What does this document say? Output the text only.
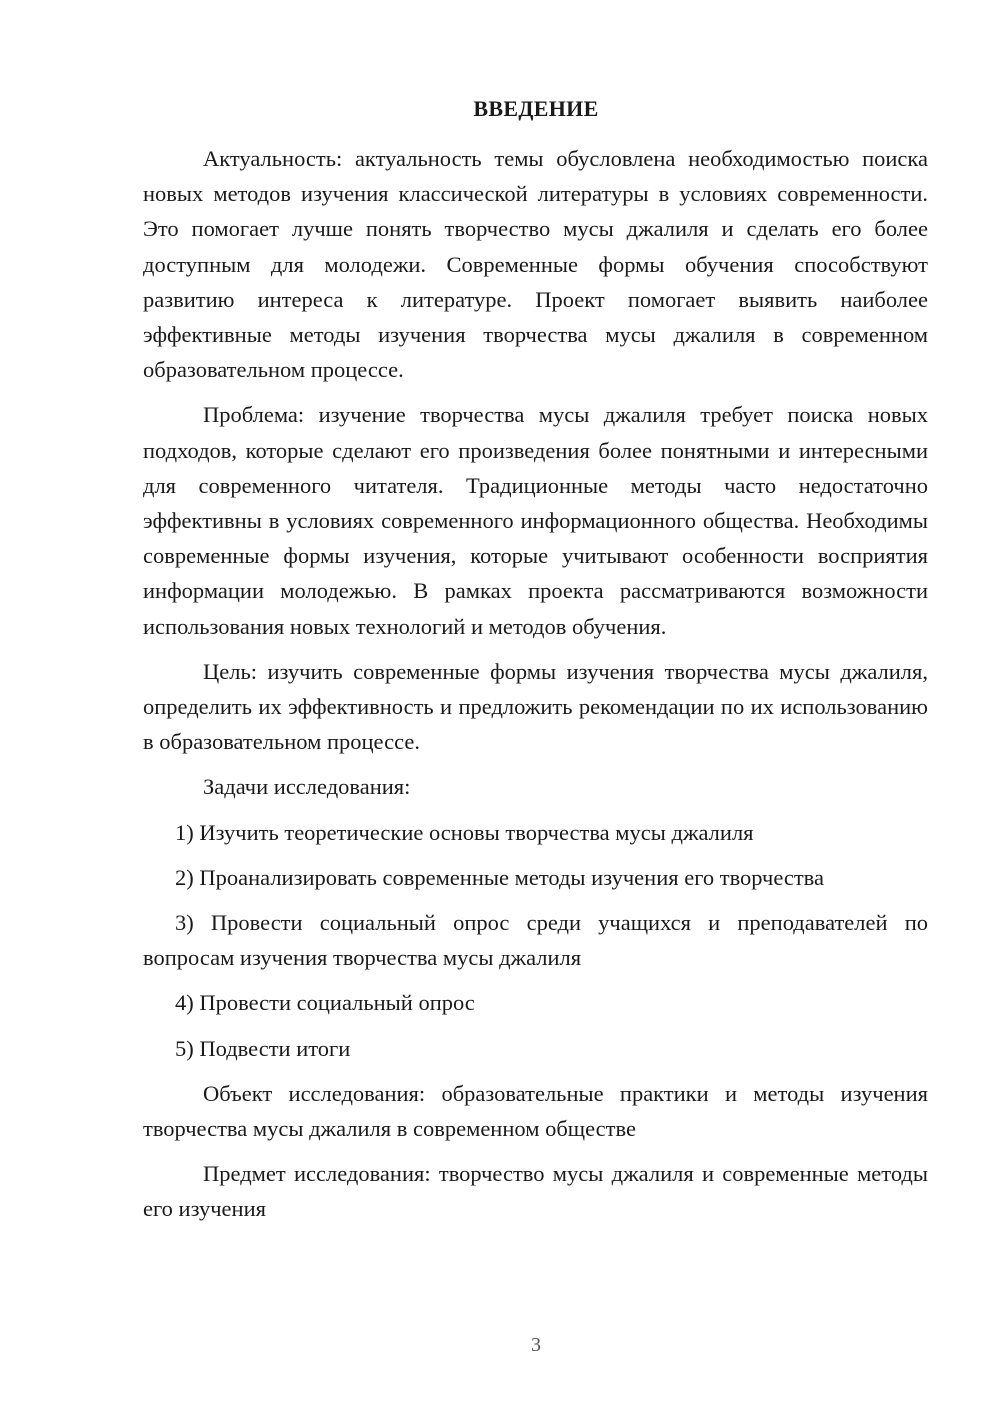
ВВЕДЕНИЕ

Актуальность: актуальность темы обусловлена необходимостью поиска новых методов изучения классической литературы в условиях современности. Это помогает лучше понять творчество мусы джалиля и сделать его более доступным для молодежи. Современные формы обучения способствуют развитию интереса к литературе. Проект помогает выявить наиболее эффективные методы изучения творчества мусы джалиля в современном образовательном процессе.

Проблема: изучение творчества мусы джалиля требует поиска новых подходов, которые сделают его произведения более понятными и интересными для современного читателя. Традиционные методы часто недостаточно эффективны в условиях современного информационного общества. Необходимы современные формы изучения, которые учитывают особенности восприятия информации молодежью. В рамках проекта рассматриваются возможности использования новых технологий и методов обучения.

Цель: изучить современные формы изучения творчества мусы джалиля, определить их эффективность и предложить рекомендации по их использованию в образовательном процессе.

Задачи исследования:

1) Изучить теоретические основы творчества мусы джалиля

2) Проанализировать современные методы изучения его творчества

3) Провести социальный опрос среди учащихся и преподавателей по вопросам изучения творчества мусы джалиля

4) Провести социальный опрос

5) Подвести итоги

Объект исследования: образовательные практики и методы изучения творчества мусы джалиля в современном обществе

Предмет исследования: творчество мусы джалиля и современные методы его изучения

3
